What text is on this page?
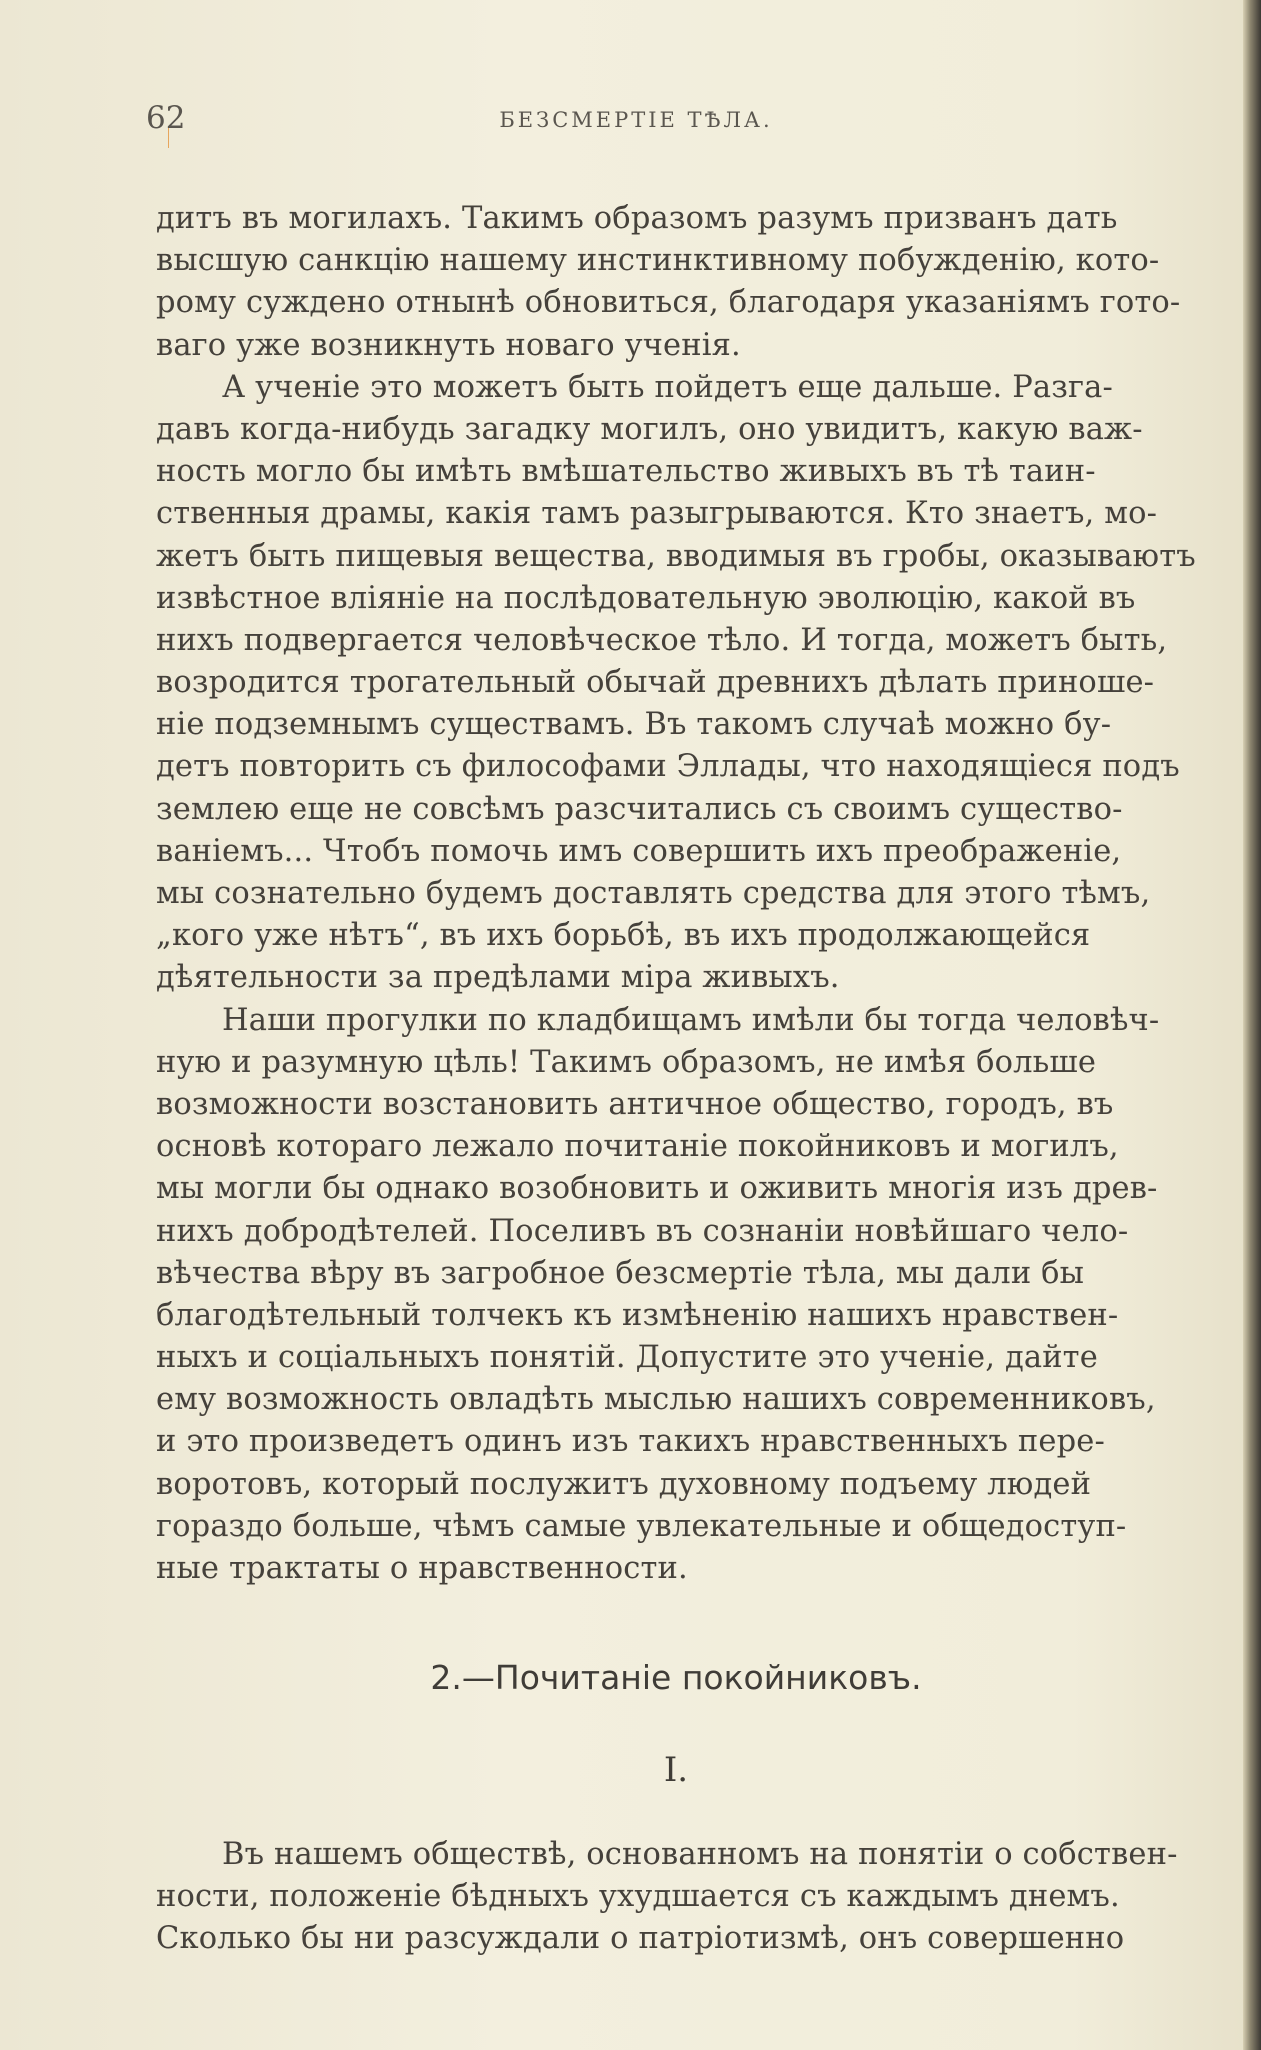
62	БЕЗСМЕРТІЕ ТѢЛА.
дитъ въ могилахъ. Такимъ образомъ разумъ призванъ дать
высшую санкцію нашему инстинктивному побужденію, кото-
рому суждено отнынѣ обновиться, благодаря указаніямъ гото-
ваго уже возникнуть новаго ученія.
А ученіе это можетъ быть пойдетъ еще дальше. Разга-
давъ когда-нибудь загадку могилъ, оно увидитъ, какую важ-
ность могло бы имѣть вмѣшательство живыхъ въ тѣ таин-
ственныя драмы, какія тамъ разыгрываются. Кто знаетъ, мо-
жетъ быть пищевыя вещества, вводимыя въ гробы, оказываютъ
извѣстное вліяніе на послѣдовательную эволюцію, какой въ
нихъ подвергается человѣческое тѣло. И тогда, можетъ быть,
возродится трогательный обычай древнихъ дѣлать приноше-
ніе подземнымъ существамъ. Въ такомъ случаѣ можно бу-
детъ повторить съ философами Эллады, что находящіеся подъ
землею еще не совсѣмъ разсчитались съ своимъ существо-
ваніемъ... Чтобъ помочь имъ совершить ихъ преображеніе,
мы сознательно будемъ доставлять средства для этого тѣмъ,
„кого уже нѣтъ“, въ ихъ борьбѣ, въ ихъ продолжающейся
дѣятельности за предѣлами міра живыхъ.
Наши прогулки по кладбищамъ имѣли бы тогда человѣч-
ную и разумную цѣль! Такимъ образомъ, не имѣя больше
возможности возстановить античное общество, городъ, въ
основѣ котораго лежало почитаніе покойниковъ и могилъ,
мы могли бы однако возобновить и оживить многія изъ древ-
нихъ добродѣтелей. Поселивъ въ сознаніи новѣйшаго чело-
вѣчества вѣру въ загробное безсмертіе тѣла, мы дали бы
благодѣтельный толчекъ къ измѣненію нашихъ нравствен-
ныхъ и соціальныхъ понятій. Допустите это ученіе, дайте
ему возможность овладѣть мыслью нашихъ современниковъ,
и это произведетъ одинъ изъ такихъ нравственныхъ пере-
воротовъ, который послужитъ духовному подъему людей
гораздо больше, чѣмъ самые увлекательные и общедоступ-
ные трактаты о нравственности.
2.—Почитаніе покойниковъ.
I.
Въ нашемъ обществѣ, основанномъ на понятіи о собствен-
ности, положеніе бѣдныхъ ухудшается съ каждымъ днемъ.
Сколько бы ни разсуждали о патріотизмѣ, онъ совершенно
